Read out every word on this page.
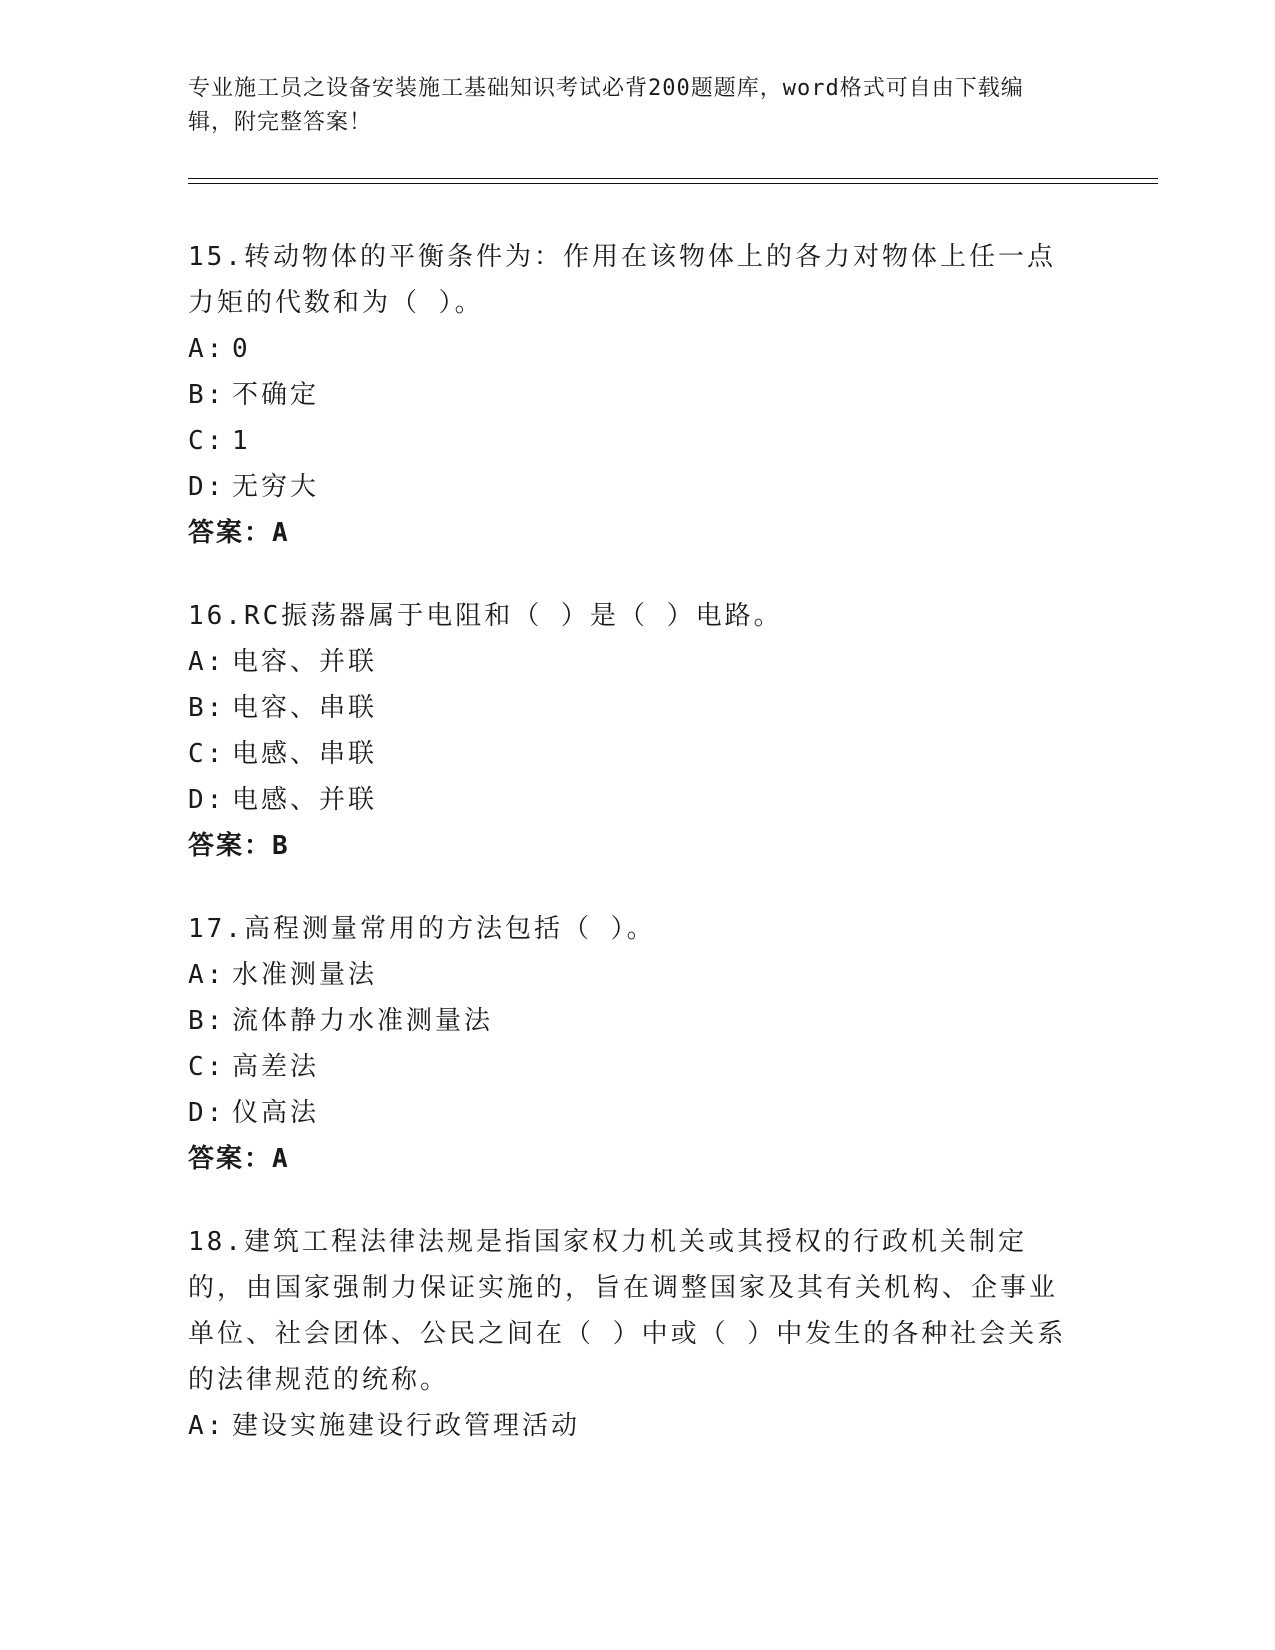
专业施工员之设备安装施工基础知识考试必背200题题库，word格式可自由下载编辑，附完整答案！

15.转动物体的平衡条件为：作用在该物体上的各力对物体上任一点力矩的代数和为（ ）。

A: 0

B: 不确定

C: 1

D: 无穷大

答案：A

16.RC振荡器属于电阻和（ ）是（ ）电路。

A: 电容、并联

B: 电容、串联

C: 电感、串联

D: 电感、并联

答案：B

17.高程测量常用的方法包括（ ）。

A: 水准测量法

B: 流体静力水准测量法

C: 高差法

D: 仪高法

答案：A

18.建筑工程法律法规是指国家权力机关或其授权的行政机关制定的，由国家强制力保证实施的，旨在调整国家及其有关机构、企事业单位、社会团体、公民之间在（ ）中或（ ）中发生的各种社会关系的法律规范的统称。

A: 建设实施建设行政管理活动
